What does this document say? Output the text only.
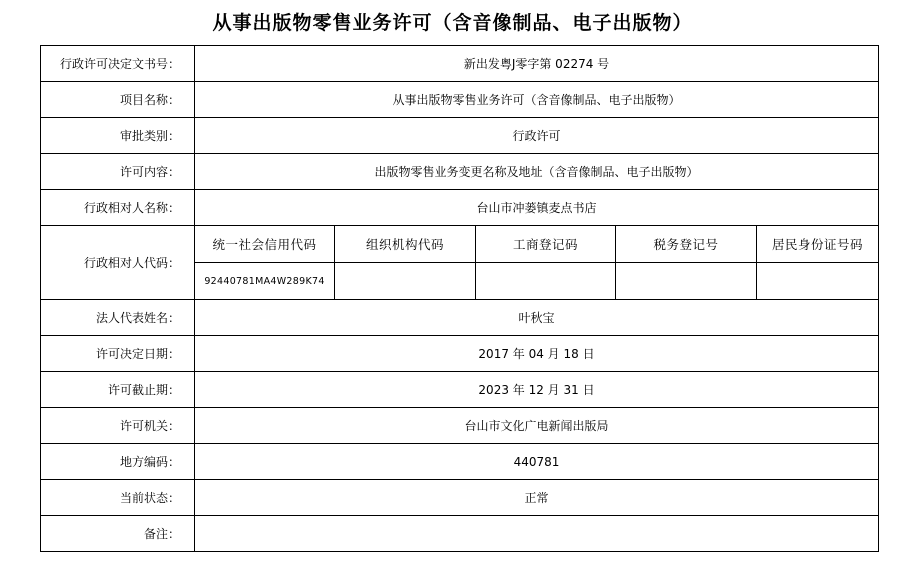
从事出版物零售业务许可（含音像制品、电子出版物）
行政许可决定文书号：	新出发粤J零字第 02274 号				
项目名称：	从事出版物零售业务许可（含音像制品、电子出版物）				
审批类别：	行政许可				
许可内容：	出版物零售业务变更名称及地址（含音像制品、电子出版物）				
行政相对人名称：	台山市冲蒌镇麦点书店				
行政相对人代码：	统一社会信用代码	组织机构代码	工商登记码	税务登记号	居民身份证号码
	92440781MA4W289K74				
法人代表姓名：	叶秋宝				
许可决定日期：	2017 年 04 月 18 日				
许可截止期：	2023 年 12 月 31 日				
许可机关：	台山市文化广电新闻出版局				
地方编码：	440781				
当前状态：	正常				
备注：					
